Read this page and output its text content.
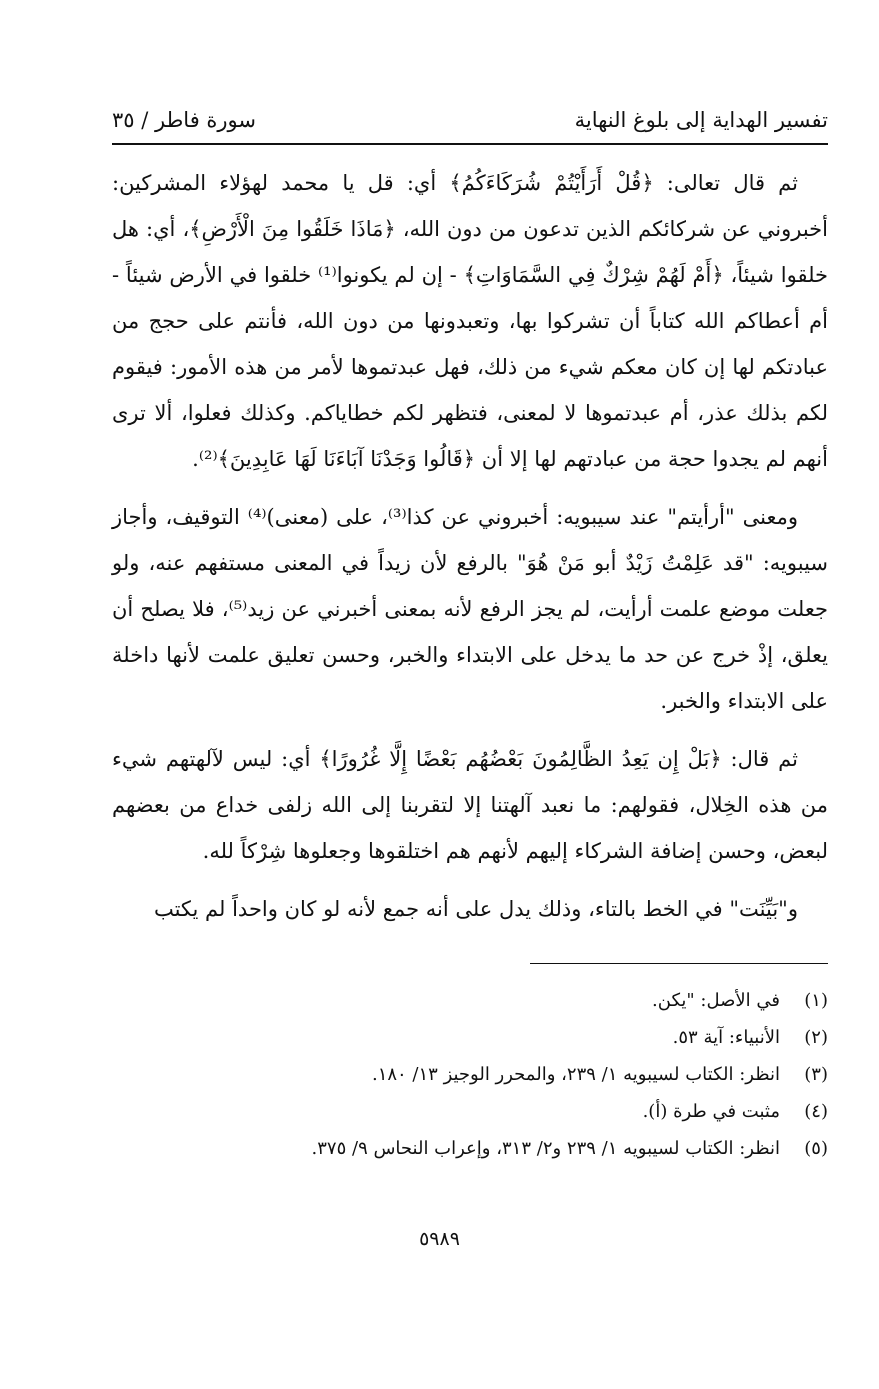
تفسير الهداية إلى بلوغ النهاية
سورة فاطر / ٣٥

ثم قال تعالى: ﴿قُلْ أَرَأَيْتُمْ شُرَكَاءَكُمُ﴾ أي: قل يا محمد لهؤلاء المشركين: أخبروني عن شركائكم الذين تدعون من دون الله، ﴿مَاذَا خَلَقُوا مِنَ الْأَرْضِ﴾، أي: هل خلقوا شيئاً، ﴿أَمْ لَهُمْ شِرْكٌ فِي السَّمَاوَاتِ﴾ - إن لم يكونوا⁽¹⁾ خلقوا في الأرض شيئاً - أم أعطاكم الله كتاباً أن تشركوا بها، وتعبدونها من دون الله، فأنتم على حجج من عبادتكم لها إن كان معكم شيء من ذلك، فهل عبدتموها لأمر من هذه الأمور: فيقوم لكم بذلك عذر، أم عبدتموها لا لمعنى، فتظهر لكم خطاياكم. وكذلك فعلوا، ألا ترى أنهم لم يجدوا حجة من عبادتهم لها إلا أن ﴿قَالُوا وَجَدْنَا آبَاءَنَا لَهَا عَابِدِينَ﴾⁽²⁾.

ومعنى "أرأيتم" عند سيبويه: أخبروني عن كذا⁽³⁾، على (معنى)⁽⁴⁾ التوقيف، وأجاز سيبويه: "قد عَلِمْتُ زَيْدٌ أبو مَنْ هُوَ" بالرفع لأن زيداً في المعنى مستفهم عنه، ولو جعلت موضع علمت أرأيت، لم يجز الرفع لأنه بمعنى أخبرني عن زيد⁽⁵⁾، فلا يصلح أن يعلق، إذْ خرج عن حد ما يدخل على الابتداء والخبر، وحسن تعليق علمت لأنها داخلة على الابتداء والخبر.

ثم قال: ﴿بَلْ إِن يَعِدُ الظَّالِمُونَ بَعْضُهُم بَعْضًا إِلَّا غُرُورًا﴾ أي: ليس لآلهتهم شيء من هذه الخِلال، فقولهم: ما نعبد آلهتنا إلا لتقربنا إلى الله زلفى خداع من بعضهم لبعض، وحسن إضافة الشركاء إليهم لأنهم هم اختلقوها وجعلوها شِرْكاً لله.

و"بَيِّنَت" في الخط بالتاء، وذلك يدل على أنه جمع لأنه لو كان واحداً لم يكتب

(١)
في الأصل: "يكن.
(٢)
الأنبياء: آية ٥٣.
(٣)
انظر: الكتاب لسيبويه ١/ ٢٣٩، والمحرر الوجيز ١٣/ ١٨٠.
(٤)
مثبت في طرة (أ).
(٥)
انظر: الكتاب لسيبويه ١/ ٢٣٩ و٢/ ٣١٣، وإعراب النحاس ٩/ ٣٧٥.
٥٩٨٩
